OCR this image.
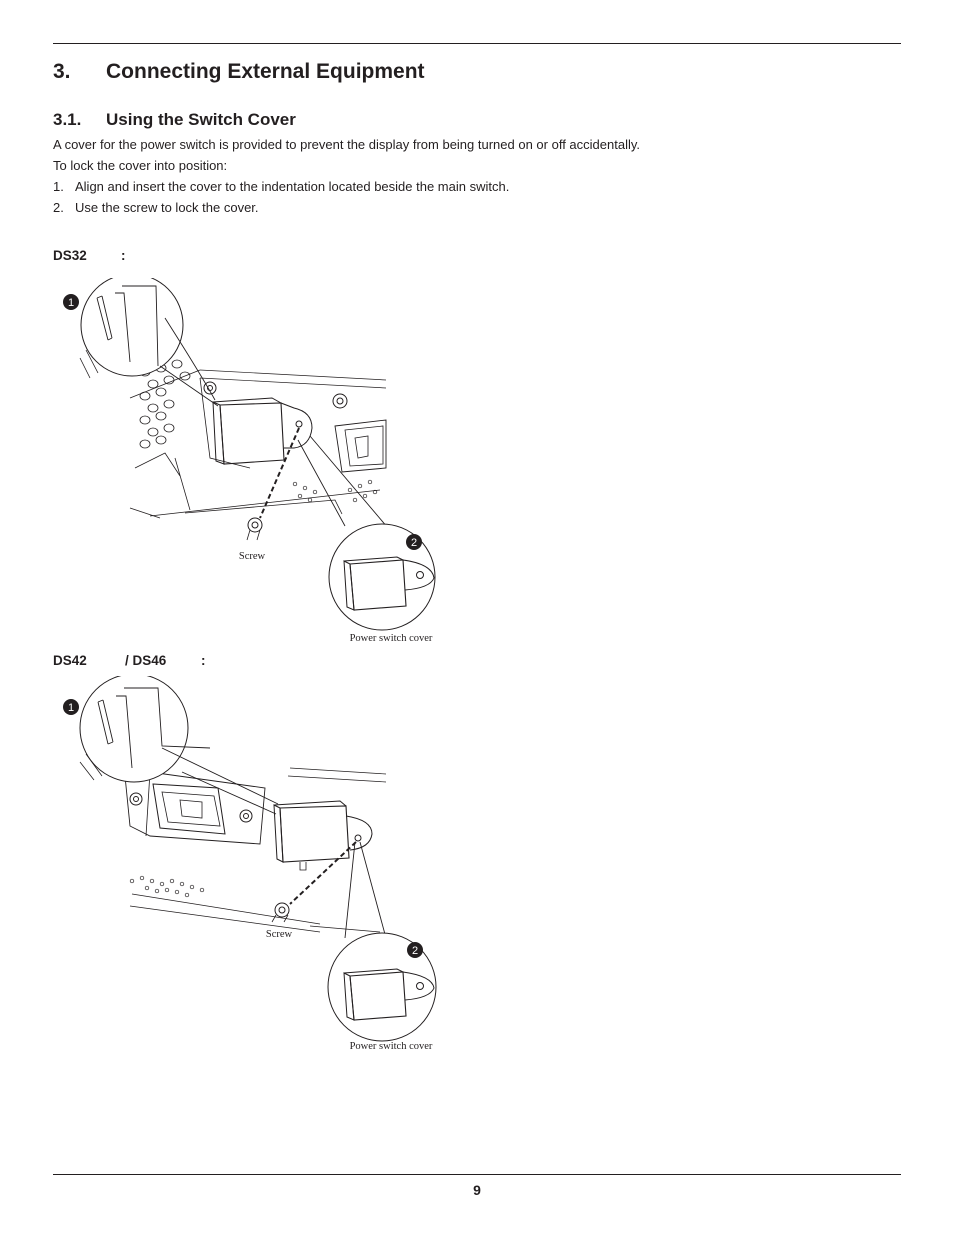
3. Connecting External Equipment
3.1. Using the Switch Cover

A cover for the power switch is provided to prevent the display from being turned on or off accidentally.

To lock the cover into position:

1. Align and insert the cover to the indentation located beside the main switch.

2. Use the screw to lock the cover.

DS32	:
1
2
Screw
Power switch cover
DS42	/ DS46	:
1
2
Screw
Power switch cover
9
